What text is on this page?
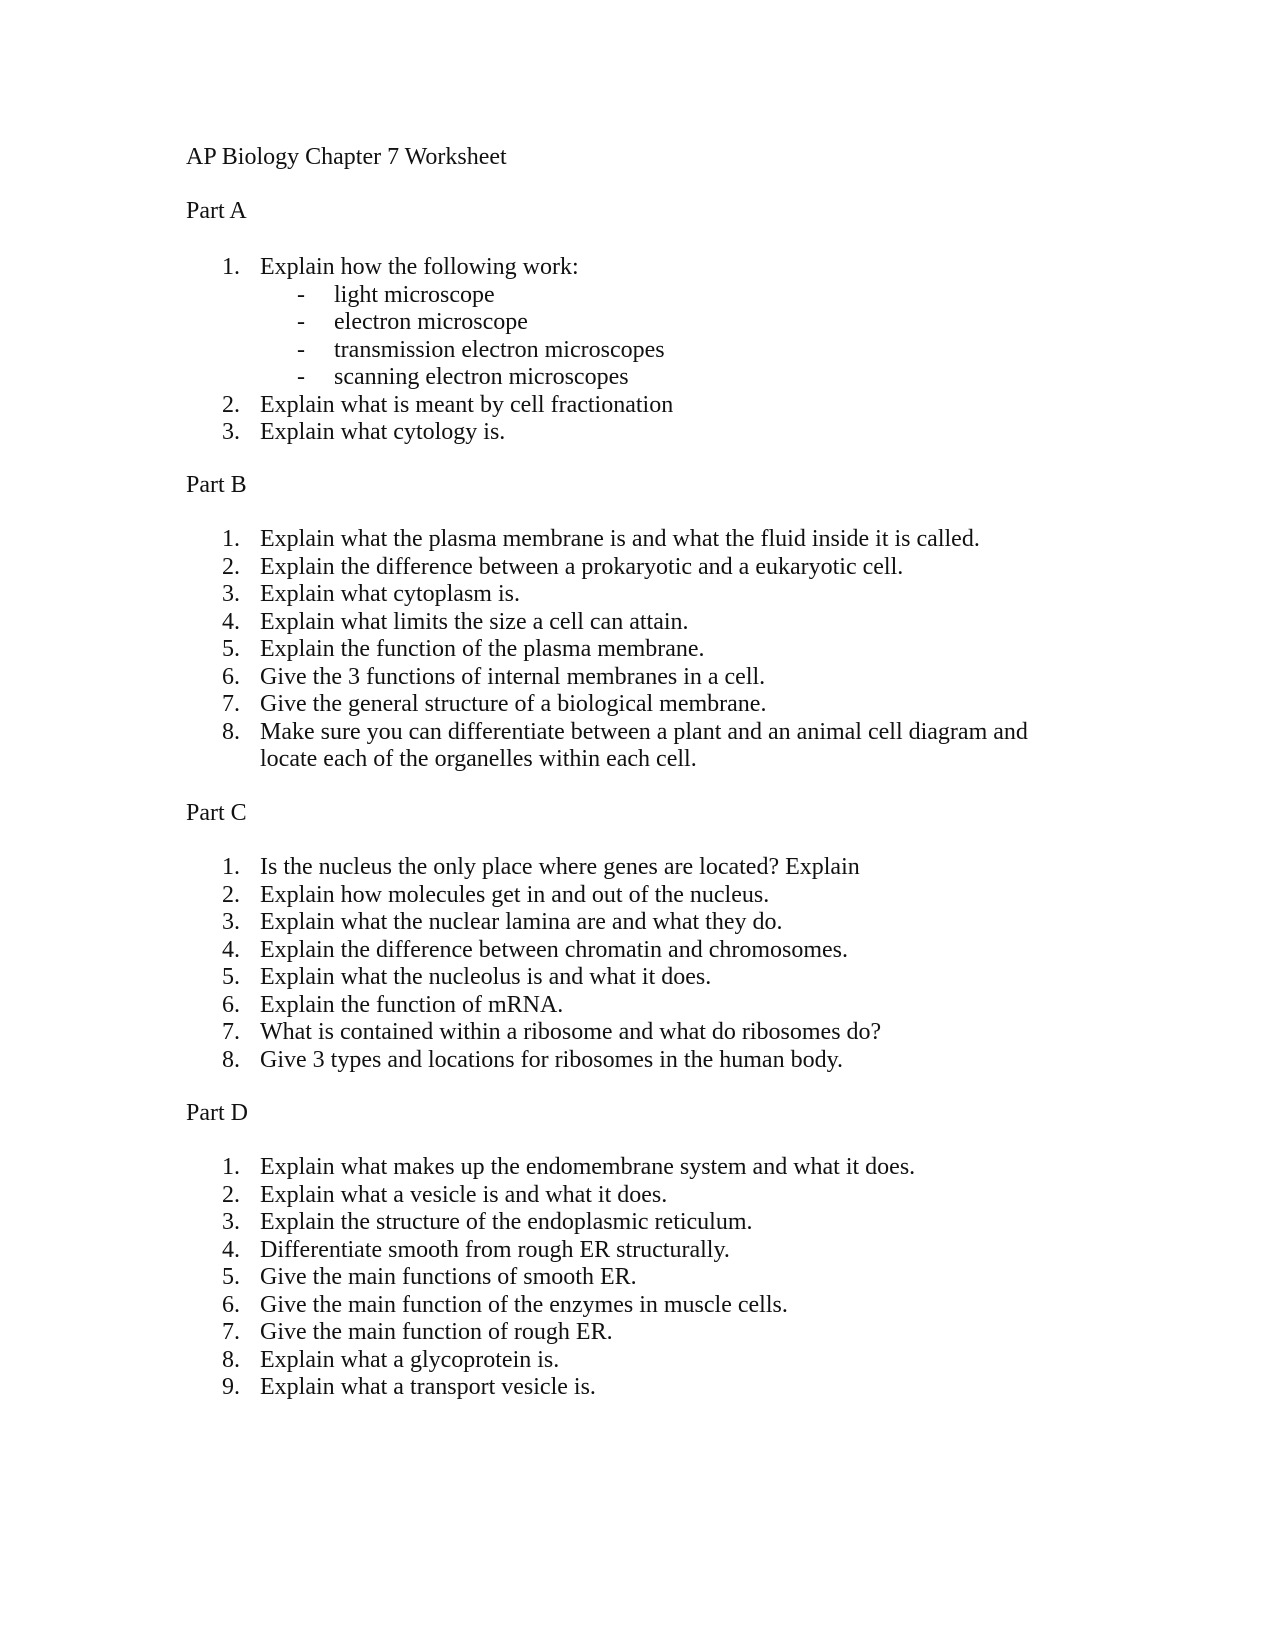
AP Biology Chapter 7 Worksheet
Part A
1. Explain how the following work:
- light microscope
- electron microscope
- transmission electron microscopes
- scanning electron microscopes
2. Explain what is meant by cell fractionation
3. Explain what cytology is.
Part B
1. Explain what the plasma membrane is and what the fluid inside it is called.
2. Explain the difference between a prokaryotic and a eukaryotic cell.
3. Explain what cytoplasm is.
4. Explain what limits the size a cell can attain.
5. Explain the function of the plasma membrane.
6. Give the 3 functions of internal membranes in a cell.
7. Give the general structure of a biological membrane.
8. Make sure you can differentiate between a plant and an animal cell diagram and locate each of the organelles within each cell.
Part C
1. Is the nucleus the only place where genes are located? Explain
2. Explain how molecules get in and out of the nucleus.
3. Explain what the nuclear lamina are and what they do.
4. Explain the difference between chromatin and chromosomes.
5. Explain what the nucleolus is and what it does.
6. Explain the function of mRNA.
7. What is contained within a ribosome and what do ribosomes do?
8. Give 3 types and locations for ribosomes in the human body.
Part D
1. Explain what makes up the endomembrane system and what it does.
2. Explain what a vesicle is and what it does.
3. Explain the structure of the endoplasmic reticulum.
4. Differentiate smooth from rough ER structurally.
5. Give the main functions of smooth ER.
6. Give the main function of the enzymes in muscle cells.
7. Give the main function of rough ER.
8. Explain what a glycoprotein is.
9. Explain what a transport vesicle is.
